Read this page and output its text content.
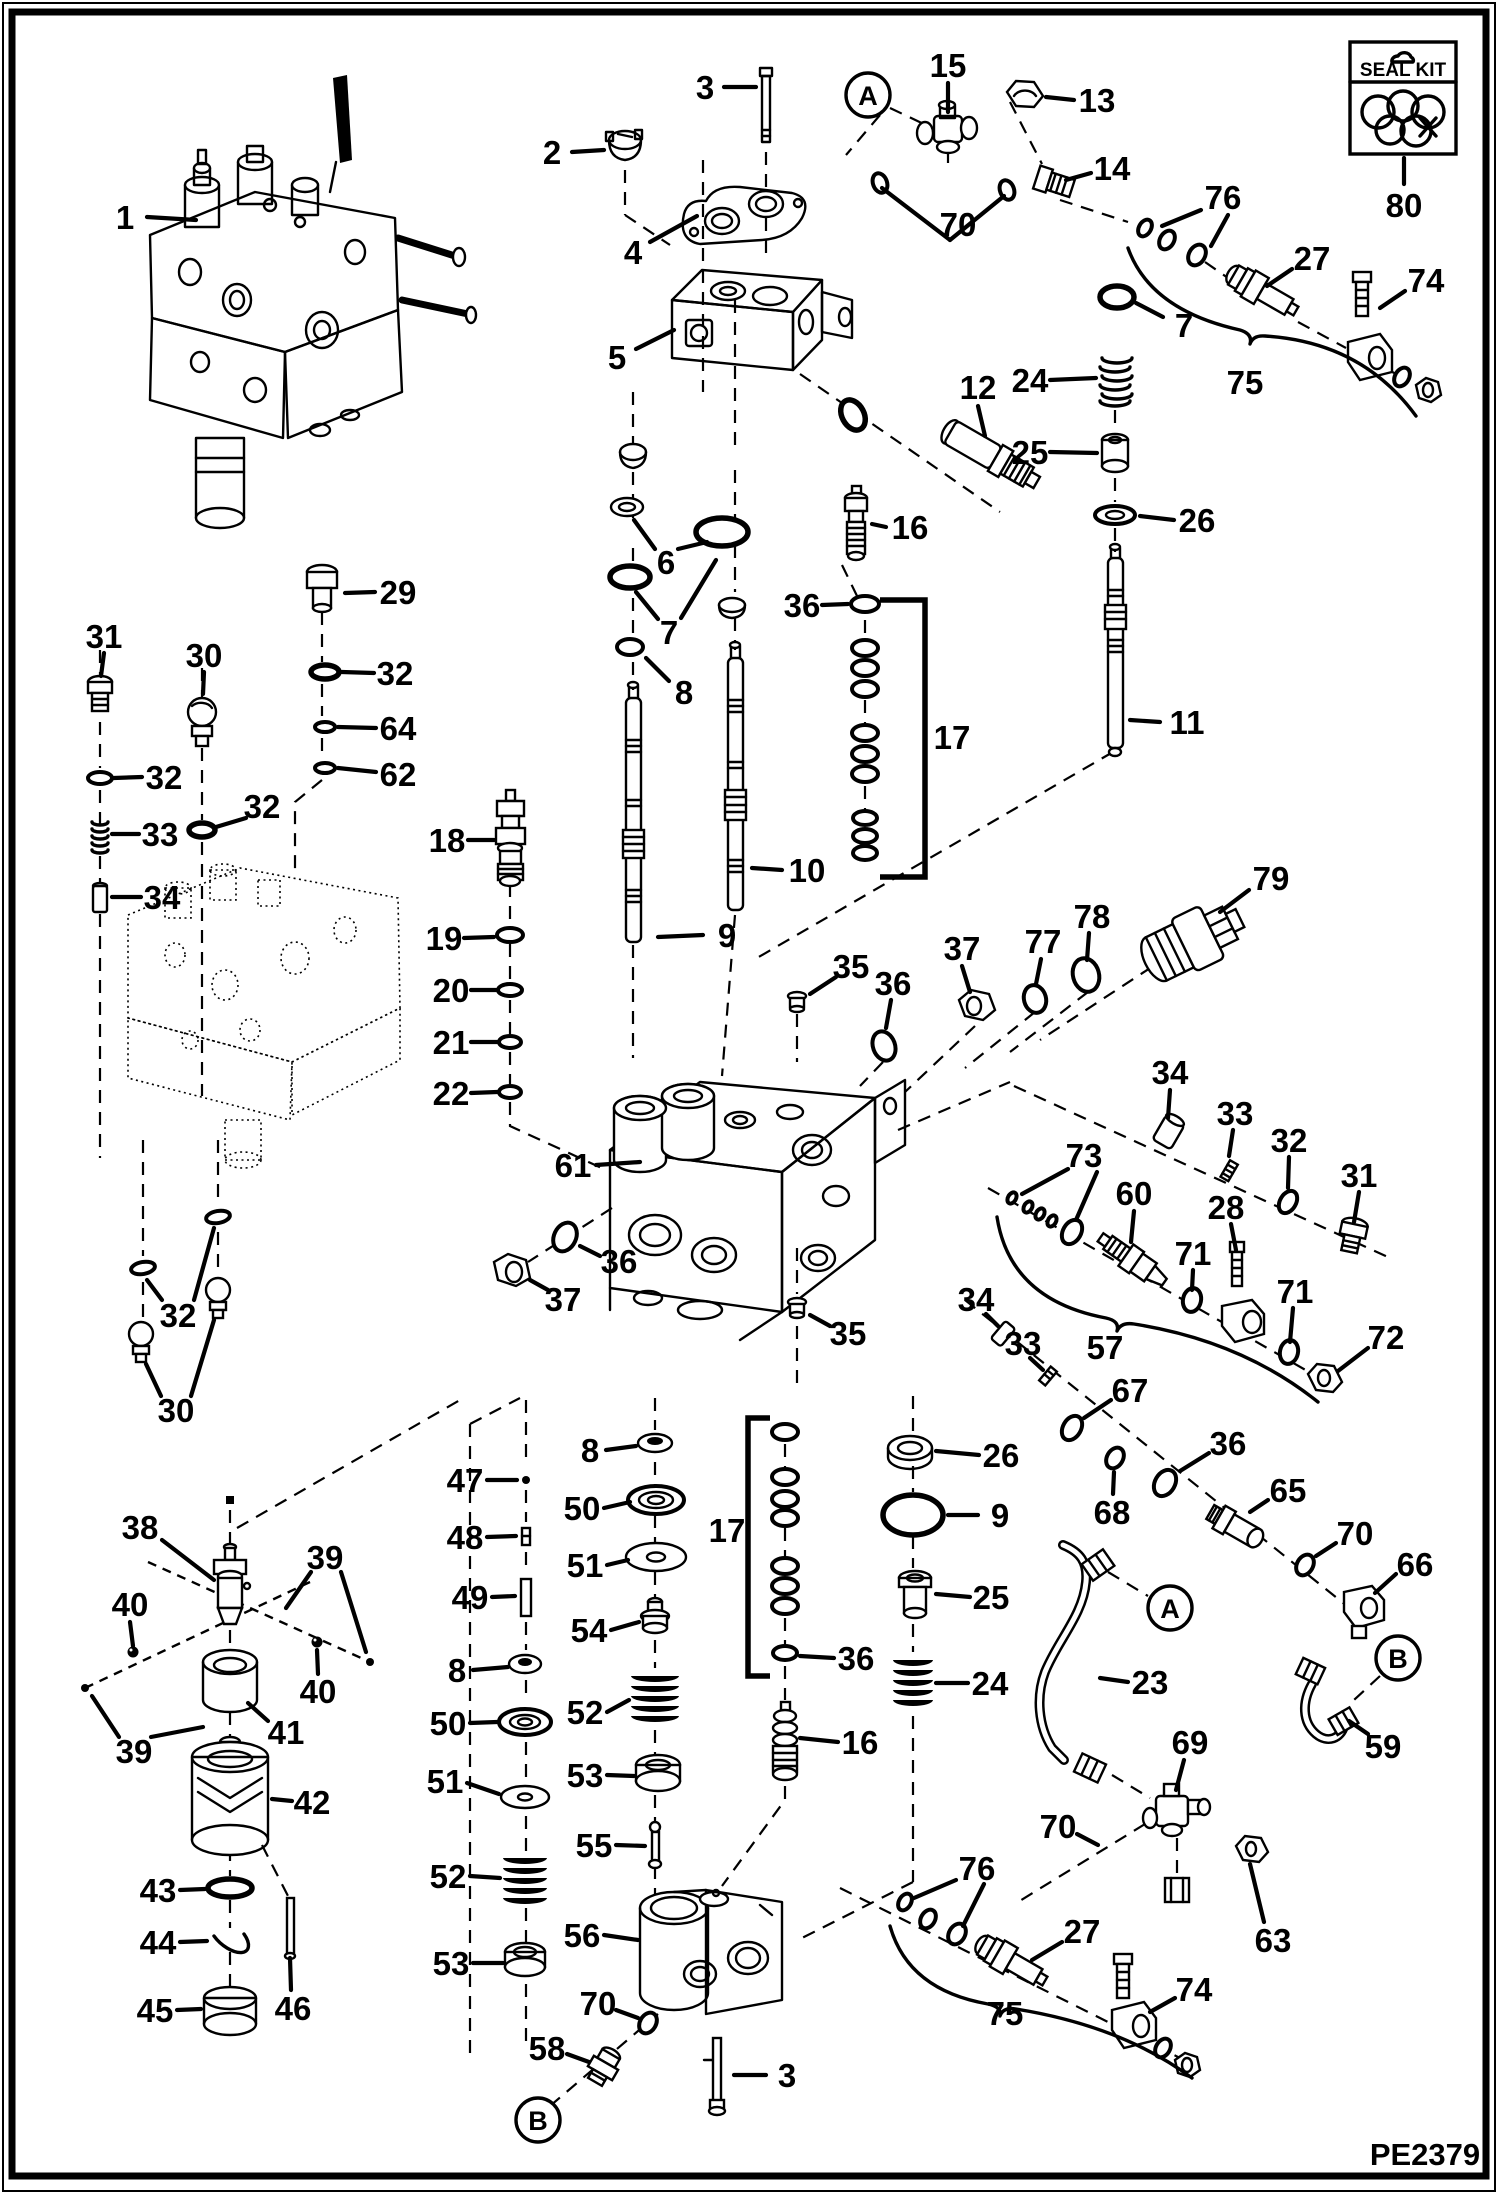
SEAL KIT
PE2379
1
2
3
3
4
5
6
7
7
8
8
8
9
9
10
11
12
13
14
15
16
16
17
17
18
19
20
21
22
23
24
24
25
25
26
26
27
27
28
29
30
30
31
31
32
32
32
32
32
33
33
33
34
34
34
35
35
36
36
36
36
36
37
37
38
39
39
40
40
41
42
43
44
45	46
47
48
49
50
50
51
51
52
52
53
53
54
55
56
57
58
59
60
61
62
63
64
65
66
67
68
69
70
70
70
70
71
71
72
73
74
74
75
75
76
76
77
78
79
80
A
A
B
B
